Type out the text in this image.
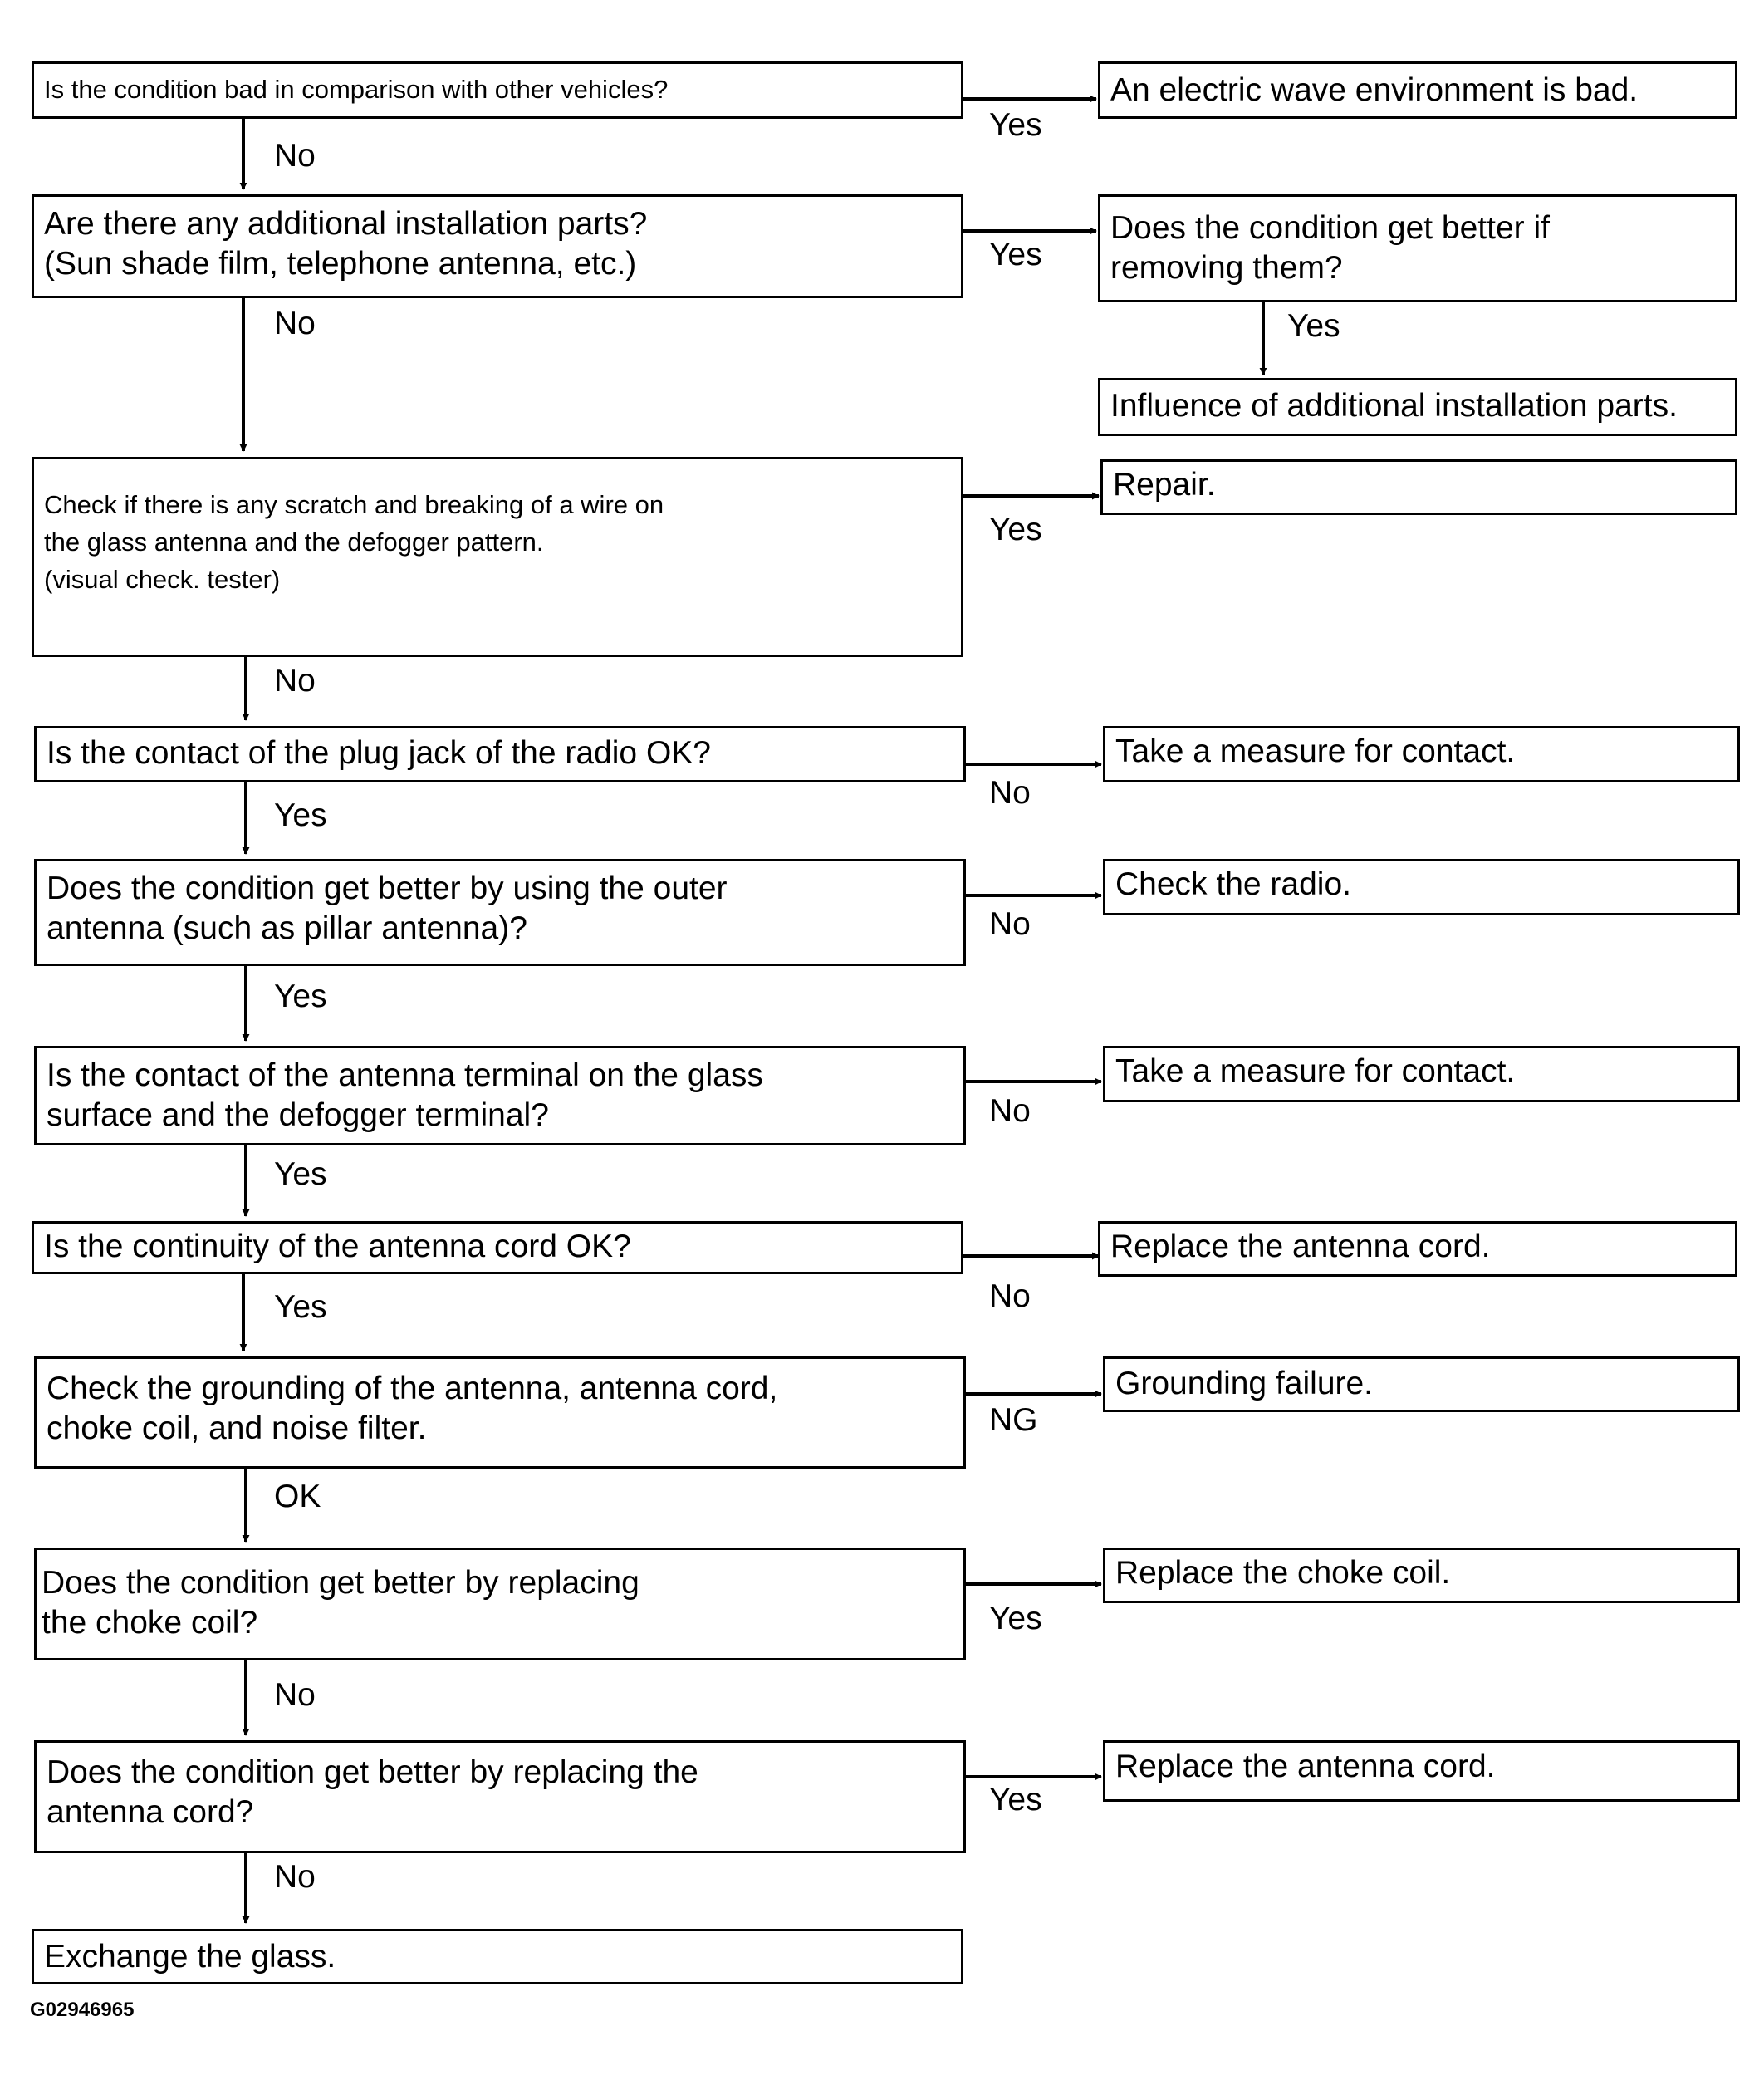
Is the condition bad in comparison with other vehicles?
Yes
An electric wave environment is bad.
No
Are there any additional installation parts?
(Sun shade film, telephone antenna, etc.)	Yes
Does the condition get better if
removing them?
Yes
Influence of additional installation parts.
No
Check if there is any scratch and breaking of a wire on
the glass antenna and the defogger pattern.
(visual check. tester)
Yes
Repair.
No
Is the contact of the plug jack of the radio OK?
No
Take a measure for contact.
Yes
Does the condition get better by using the outer
antenna (such as pillar antenna)?	No
Check the radio.
Yes
Is the contact of the antenna terminal on the glass
surface and the defogger terminal?	No
Take a measure for contact.
Yes
Is the continuity of the antenna cord OK?
No
Replace the antenna cord.
Yes
Check the grounding of the antenna, antenna cord,
choke coil, and noise filter.	NG
Grounding failure.
OK
Does the condition get better by replacing
the choke coil?	Yes
Replace the choke coil.
No
Does the condition get better by replacing the
antenna cord?	Yes
Replace the antenna cord.
No
Exchange the glass.
G02946965
